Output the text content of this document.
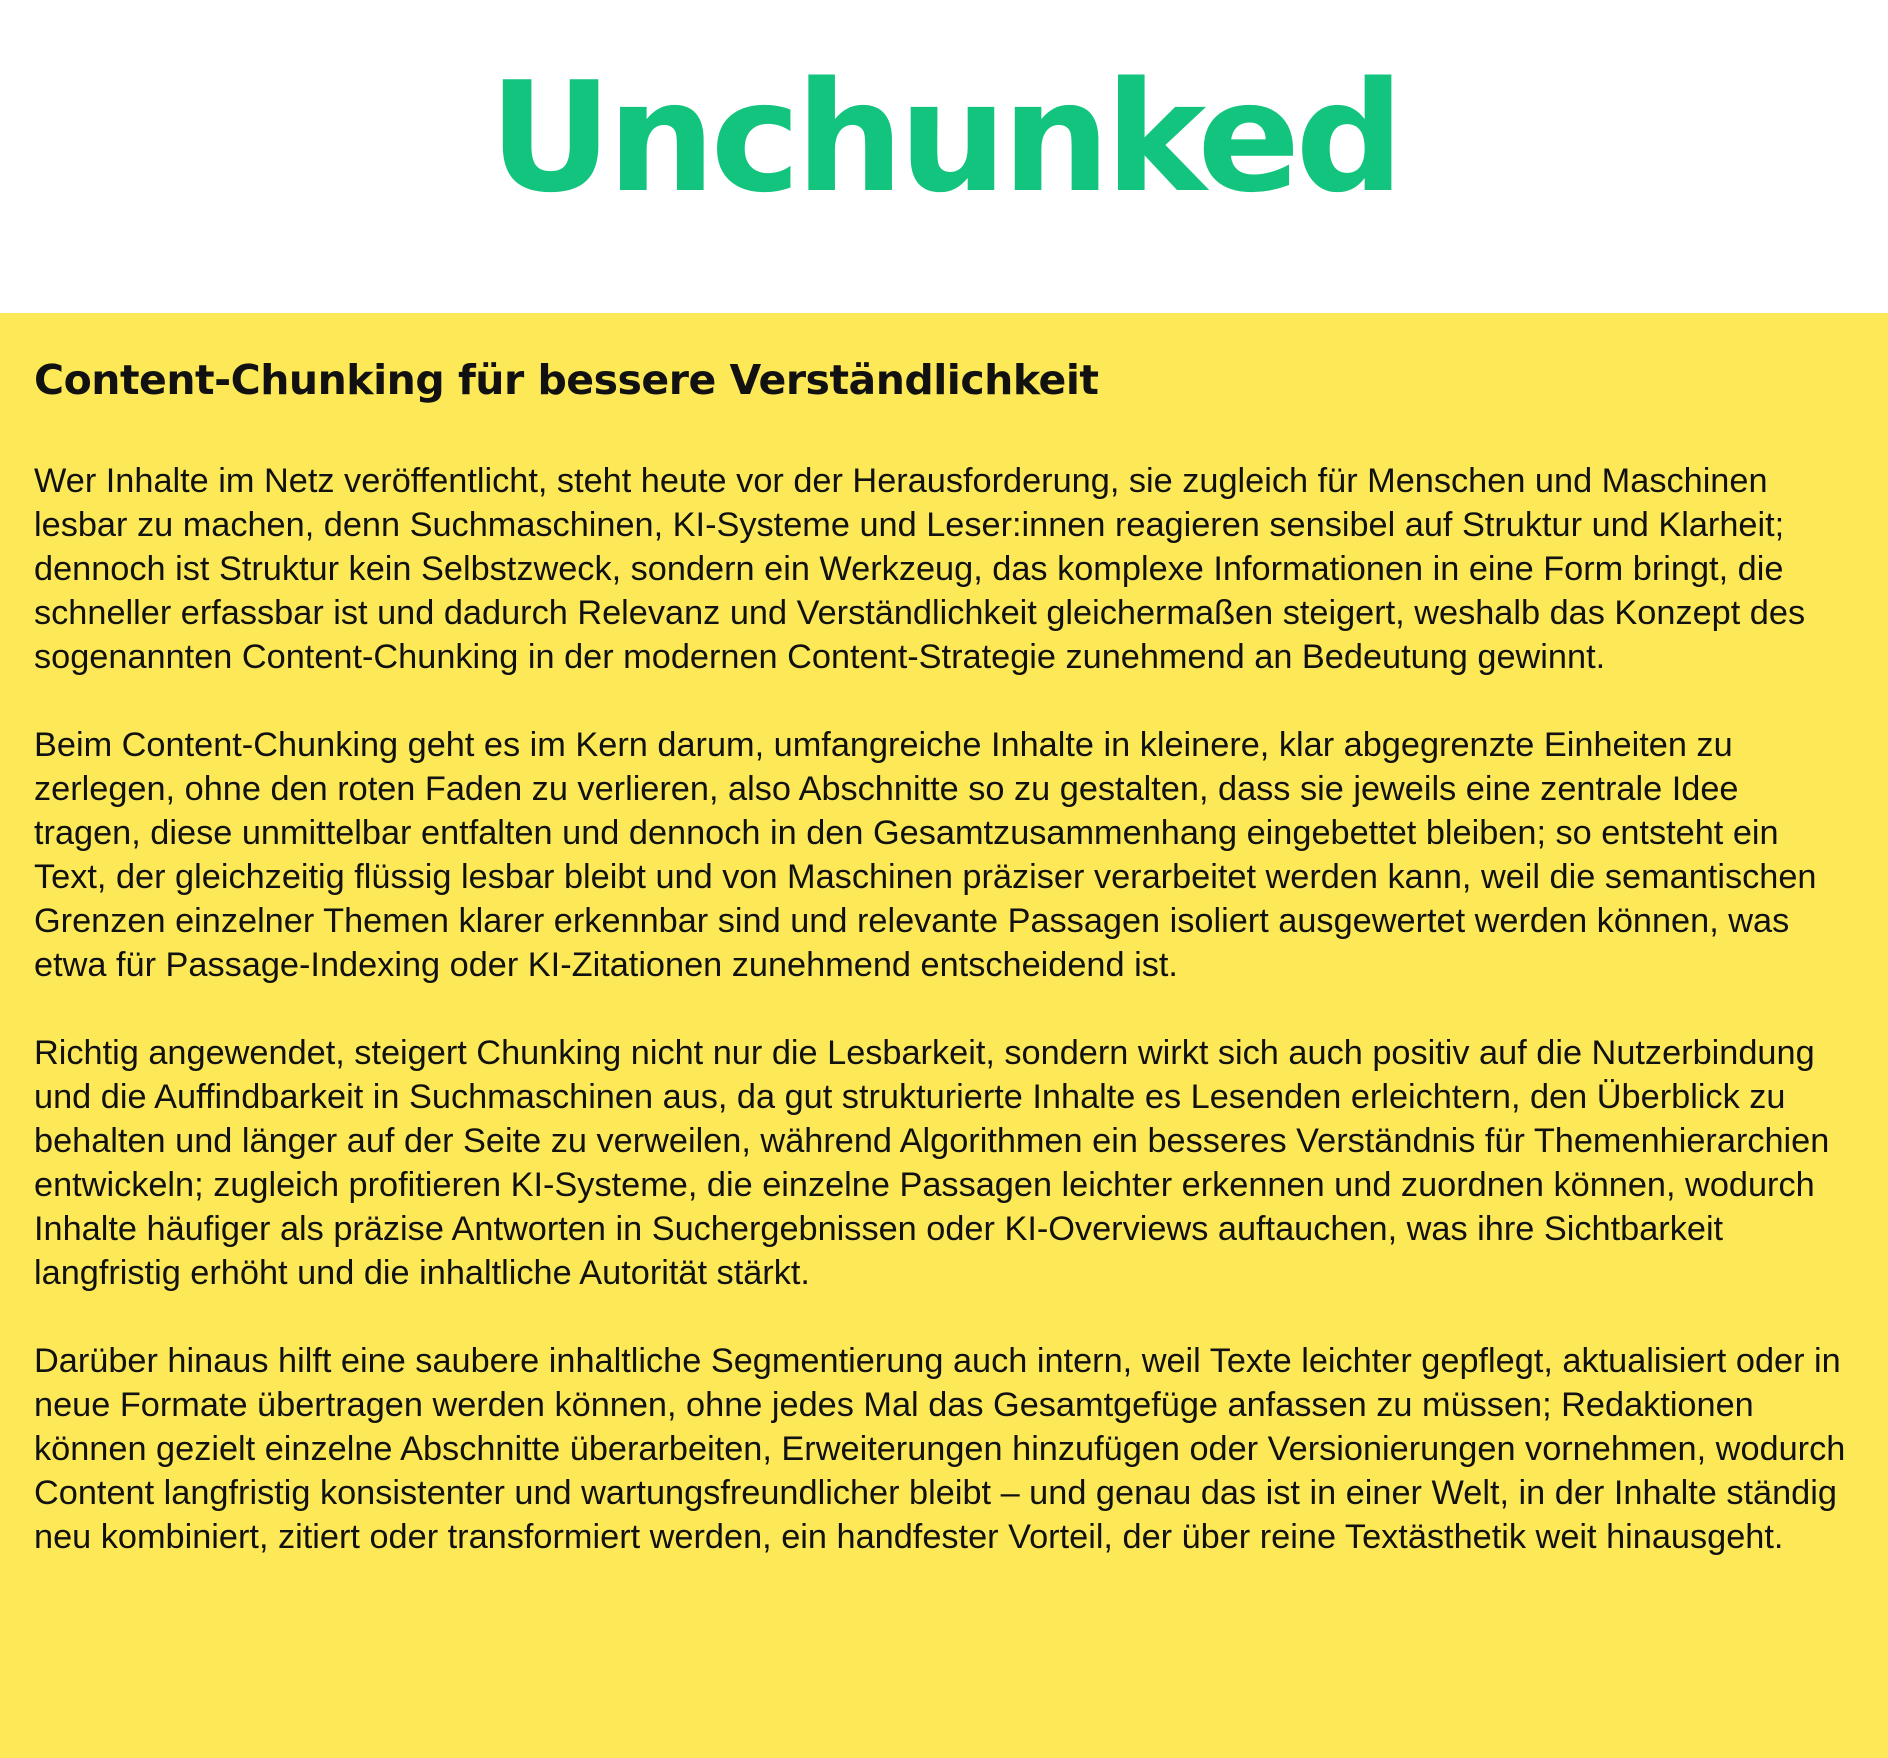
Unchunked
Content-Chunking für bessere Verständlichkeit

Wer Inhalte im Netz veröffentlicht, steht heute vor der Herausforderung, sie zugleich für Menschen und Maschinen lesbar zu machen, denn Suchmaschinen, KI-Systeme und Leser:innen reagieren sensibel auf Struktur und Klarheit; dennoch ist Struktur kein Selbstzweck, sondern ein Werkzeug, das komplexe Informationen in eine Form bringt, die schneller erfassbar ist und dadurch Relevanz und Verständlichkeit gleichermaßen steigert, weshalb das Konzept des sogenannten Content-Chunking in der modernen Content-Strategie zunehmend an Bedeutung gewinnt.

Beim Content-Chunking geht es im Kern darum, umfangreiche Inhalte in kleinere, klar abgegrenzte Einheiten zu zerlegen, ohne den roten Faden zu verlieren, also Abschnitte so zu gestalten, dass sie jeweils eine zentrale Idee tragen, diese unmittelbar entfalten und dennoch in den Gesamtzusammenhang eingebettet bleiben; so entsteht ein Text, der gleichzeitig flüssig lesbar bleibt und von Maschinen präziser verarbeitet werden kann, weil die semantischen Grenzen einzelner Themen klarer erkennbar sind und relevante Passagen isoliert ausgewertet werden können, was etwa für Passage-Indexing oder KI-Zitationen zunehmend entscheidend ist.

Richtig angewendet, steigert Chunking nicht nur die Lesbarkeit, sondern wirkt sich auch positiv auf die Nutzerbindung und die Auffindbarkeit in Suchmaschinen aus, da gut strukturierte Inhalte es Lesenden erleichtern, den Überblick zu behalten und länger auf der Seite zu verweilen, während Algorithmen ein besseres Verständnis für Themenhierarchien entwickeln; zugleich profitieren KI-Systeme, die einzelne Passagen leichter erkennen und zuordnen können, wodurch Inhalte häufiger als präzise Antworten in Suchergebnissen oder KI-Overviews auftauchen, was ihre Sichtbarkeit langfristig erhöht und die inhaltliche Autorität stärkt.

Darüber hinaus hilft eine saubere inhaltliche Segmentierung auch intern, weil Texte leichter gepflegt, aktualisiert oder in neue Formate übertragen werden können, ohne jedes Mal das Gesamtgefüge anfassen zu müssen; Redaktionen können gezielt einzelne Abschnitte überarbeiten, Erweiterungen hinzufügen oder Versionierungen vornehmen, wodurch Content langfristig konsistenter und wartungsfreundlicher bleibt – und genau das ist in einer Welt, in der Inhalte ständig neu kombiniert, zitiert oder transformiert werden, ein handfester Vorteil, der über reine Textästhetik weit hinausgeht.
